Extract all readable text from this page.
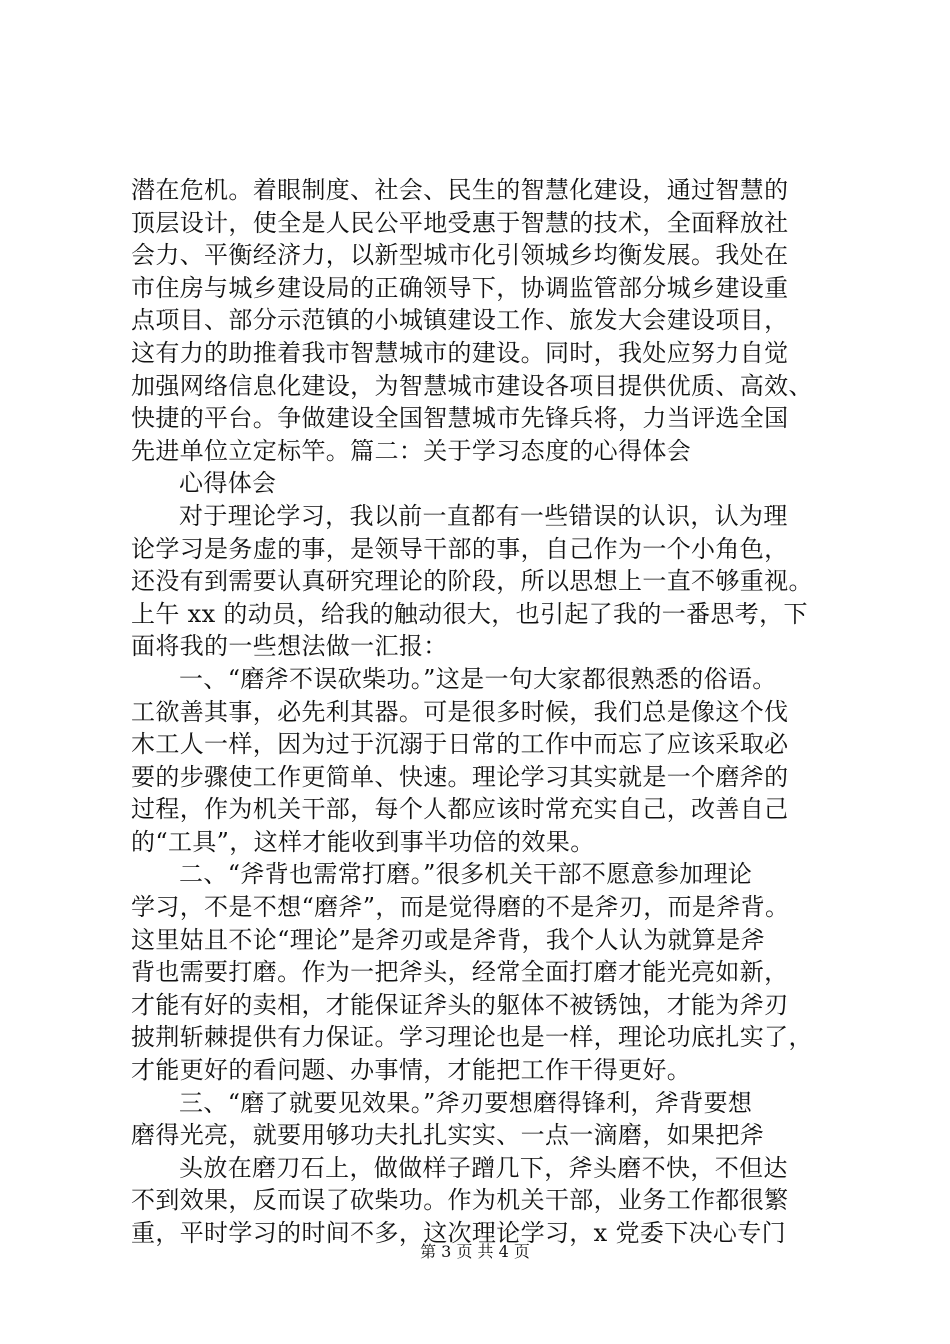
潜在危机。着眼制度、社会、民生的智慧化建设，通过智慧的
顶层设计，使全是人民公平地受惠于智慧的技术，全面释放社
会力、平衡经济力，以新型城市化引领城乡均衡发展。我处在
市住房与城乡建设局的正确领导下，协调监管部分城乡建设重
点项目、部分示范镇的小城镇建设工作、旅发大会建设项目，
这有力的助推着我市智慧城市的建设。同时，我处应努力自觉
加强网络信息化建设，为智慧城市建设各项目提供优质、高效、
快捷的平台。争做建设全国智慧城市先锋兵将，力当评选全国
先进单位立定标竿。篇二：关于学习态度的心得体会
心得体会
对于理论学习，我以前一直都有一些错误的认识，认为理
论学习是务虚的事，是领导干部的事，自己作为一个小角色，
还没有到需要认真研究理论的阶段，所以思想上一直不够重视。
上午 xx 的动员，给我的触动很大，也引起了我的一番思考，下
面将我的一些想法做一汇报：
一、“磨斧不误砍柴功。”这是一句大家都很熟悉的俗语。
工欲善其事，必先利其器。可是很多时候，我们总是像这个伐
木工人一样，因为过于沉溺于日常的工作中而忘了应该采取必
要的步骤使工作更简单、快速。理论学习其实就是一个磨斧的
过程，作为机关干部，每个人都应该时常充实自己，改善自己
的“工具”，这样才能收到事半功倍的效果。
二、“斧背也需常打磨。”很多机关干部不愿意参加理论
学习，不是不想“磨斧”，而是觉得磨的不是斧刃，而是斧背。
这里姑且不论“理论”是斧刃或是斧背，我个人认为就算是斧
背也需要打磨。作为一把斧头，经常全面打磨才能光亮如新，
才能有好的卖相，才能保证斧头的躯体不被锈蚀，才能为斧刃
披荆斩棘提供有力保证。学习理论也是一样，理论功底扎实了，
才能更好的看问题、办事情，才能把工作干得更好。
三、“磨了就要见效果。”斧刃要想磨得锋利，斧背要想
磨得光亮，就要用够功夫扎扎实实、一点一滴磨，如果把斧
头放在磨刀石上，做做样子蹭几下，斧头磨不快，不但达
不到效果，反而误了砍柴功。作为机关干部，业务工作都很繁
重，平时学习的时间不多，这次理论学习，x 党委下决心专门
第 3 页 共 4 页
